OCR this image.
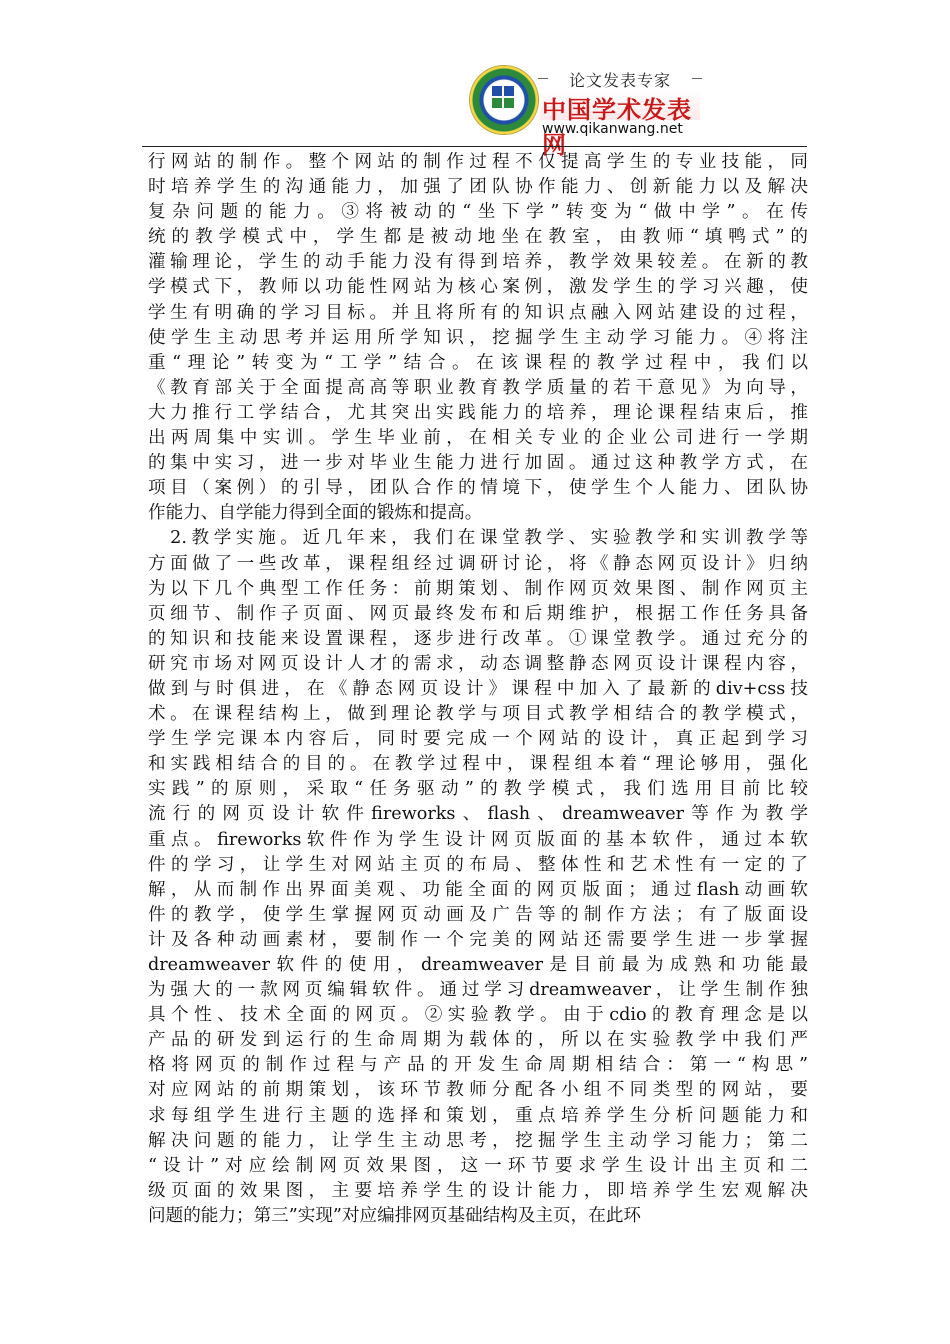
论文发表专家
中国学术发表网
www.qikanwang.net
行网站的制作。整个网站的制作过程不仅提高学生的专业技能，同
时培养学生的沟通能力，加强了团队协作能力、创新能力以及解决
复杂问题的能力。③将被动的“坐下学”转变为“做中学”。在传
统的教学模式中，学生都是被动地坐在教室，由教师“填鸭式”的
灌输理论，学生的动手能力没有得到培养，教学效果较差。在新的教
学模式下，教师以功能性网站为核心案例，激发学生的学习兴趣，使
学生有明确的学习目标。并且将所有的知识点融入网站建设的过程，
使学生主动思考并运用所学知识，挖掘学生主动学习能力。④将注
重“理论”转变为“工学”结合。在该课程的教学过程中，我们以
《教育部关于全面提高高等职业教育教学质量的若干意见》为向导，
大力推行工学结合，尤其突出实践能力的培养，理论课程结束后，推
出两周集中实训。学生毕业前，在相关专业的企业公司进行一学期
的集中实习，进一步对毕业生能力进行加固。通过这种教学方式，在
项目（案例）的引导，团队合作的情境下，使学生个人能力、团队协
作能力、自学能力得到全面的锻炼和提高。
　2.教学实施。近几年来，我们在课堂教学、实验教学和实训教学等
方面做了一些改革，课程组经过调研讨论，将《静态网页设计》归纳
为以下几个典型工作任务：前期策划、制作网页效果图、制作网页主
页细节、制作子页面、网页最终发布和后期维护，根据工作任务具备
的知识和技能来设置课程，逐步进行改革。①课堂教学。通过充分的
研究市场对网页设计人才的需求，动态调整静态网页设计课程内容，
做到与时俱进，在《静态网页设计》课程中加入了最新的div+css技
术。在课程结构上，做到理论教学与项目式教学相结合的教学模式，
学生学完课本内容后，同时要完成一个网站的设计，真正起到学习
和实践相结合的目的。在教学过程中，课程组本着“理论够用，强化
实践”的原则，采取“任务驱动”的教学模式，我们选用目前比较
流行的网页设计软件fireworks、flash、dreamweaver等作为教学
重点。fireworks软件作为学生设计网页版面的基本软件，通过本软
件的学习，让学生对网站主页的布局、整体性和艺术性有一定的了
解，从而制作出界面美观、功能全面的网页版面；通过flash动画软
件的教学，使学生掌握网页动画及广告等的制作方法；有了版面设
计及各种动画素材，要制作一个完美的网站还需要学生进一步掌握
dreamweaver软件的使用，dreamweaver是目前最为成熟和功能最
为强大的一款网页编辑软件。通过学习dreamweaver，让学生制作独
具个性、技术全面的网页。②实验教学。由于cdio的教育理念是以
产品的研发到运行的生命周期为载体的，所以在实验教学中我们严
格将网页的制作过程与产品的开发生命周期相结合：第一“构思”
对应网站的前期策划，该环节教师分配各小组不同类型的网站，要
求每组学生进行主题的选择和策划，重点培养学生分析问题能力和
解决问题的能力，让学生主动思考，挖掘学生主动学习能力；第二
“设计”对应绘制网页效果图，这一环节要求学生设计出主页和二
级页面的效果图，主要培养学生的设计能力，即培养学生宏观解决
问题的能力；第三”实现”对应编排网页基础结构及主页，在此环
